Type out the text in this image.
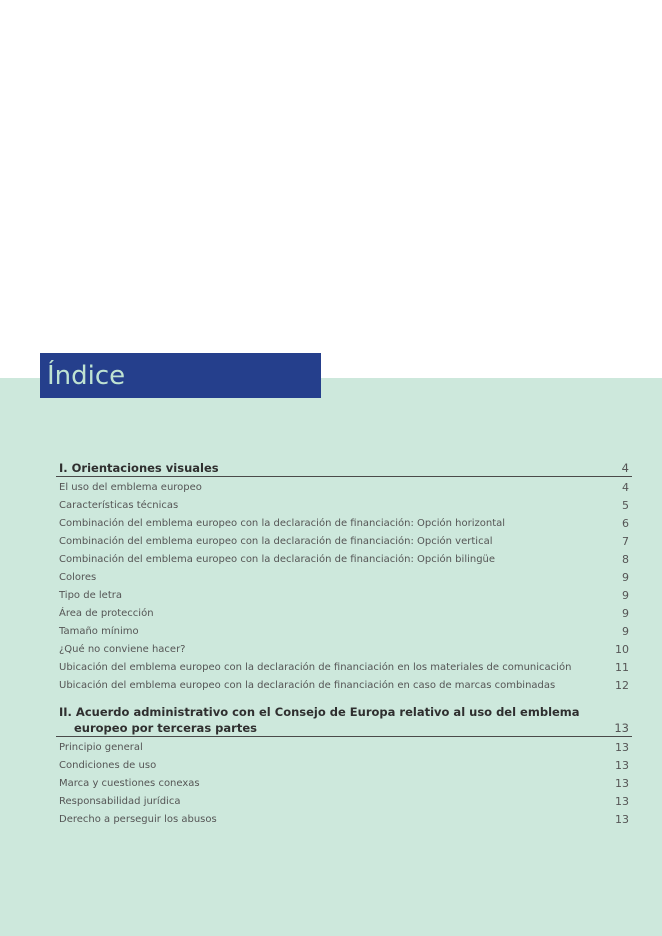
Índice
I. Orientaciones visuales	4
El uso del emblema europeo	4
Características técnicas	5
Combinación del emblema europeo con la declaración de financiación: Opción horizontal	6
Combinación del emblema europeo con la declaración de financiación: Opción vertical	7
Combinación del emblema europeo con la declaración de financiación: Opción bilingüe	8
Colores	9
Tipo de letra	9
Área de protección	9
Tamaño mínimo	9
¿Qué no conviene hacer?	10
Ubicación del emblema europeo con la declaración de financiación en los materiales de comunicación	11
Ubicación del emblema europeo con la declaración de financiación en caso de marcas combinadas	12
II. Acuerdo administrativo con el Consejo de Europa relativo al uso del emblema
europeo por terceras partes	13
Principio general	13
Condiciones de uso	13
Marca y cuestiones conexas	13
Responsabilidad jurídica	13
Derecho a perseguir los abusos	13
